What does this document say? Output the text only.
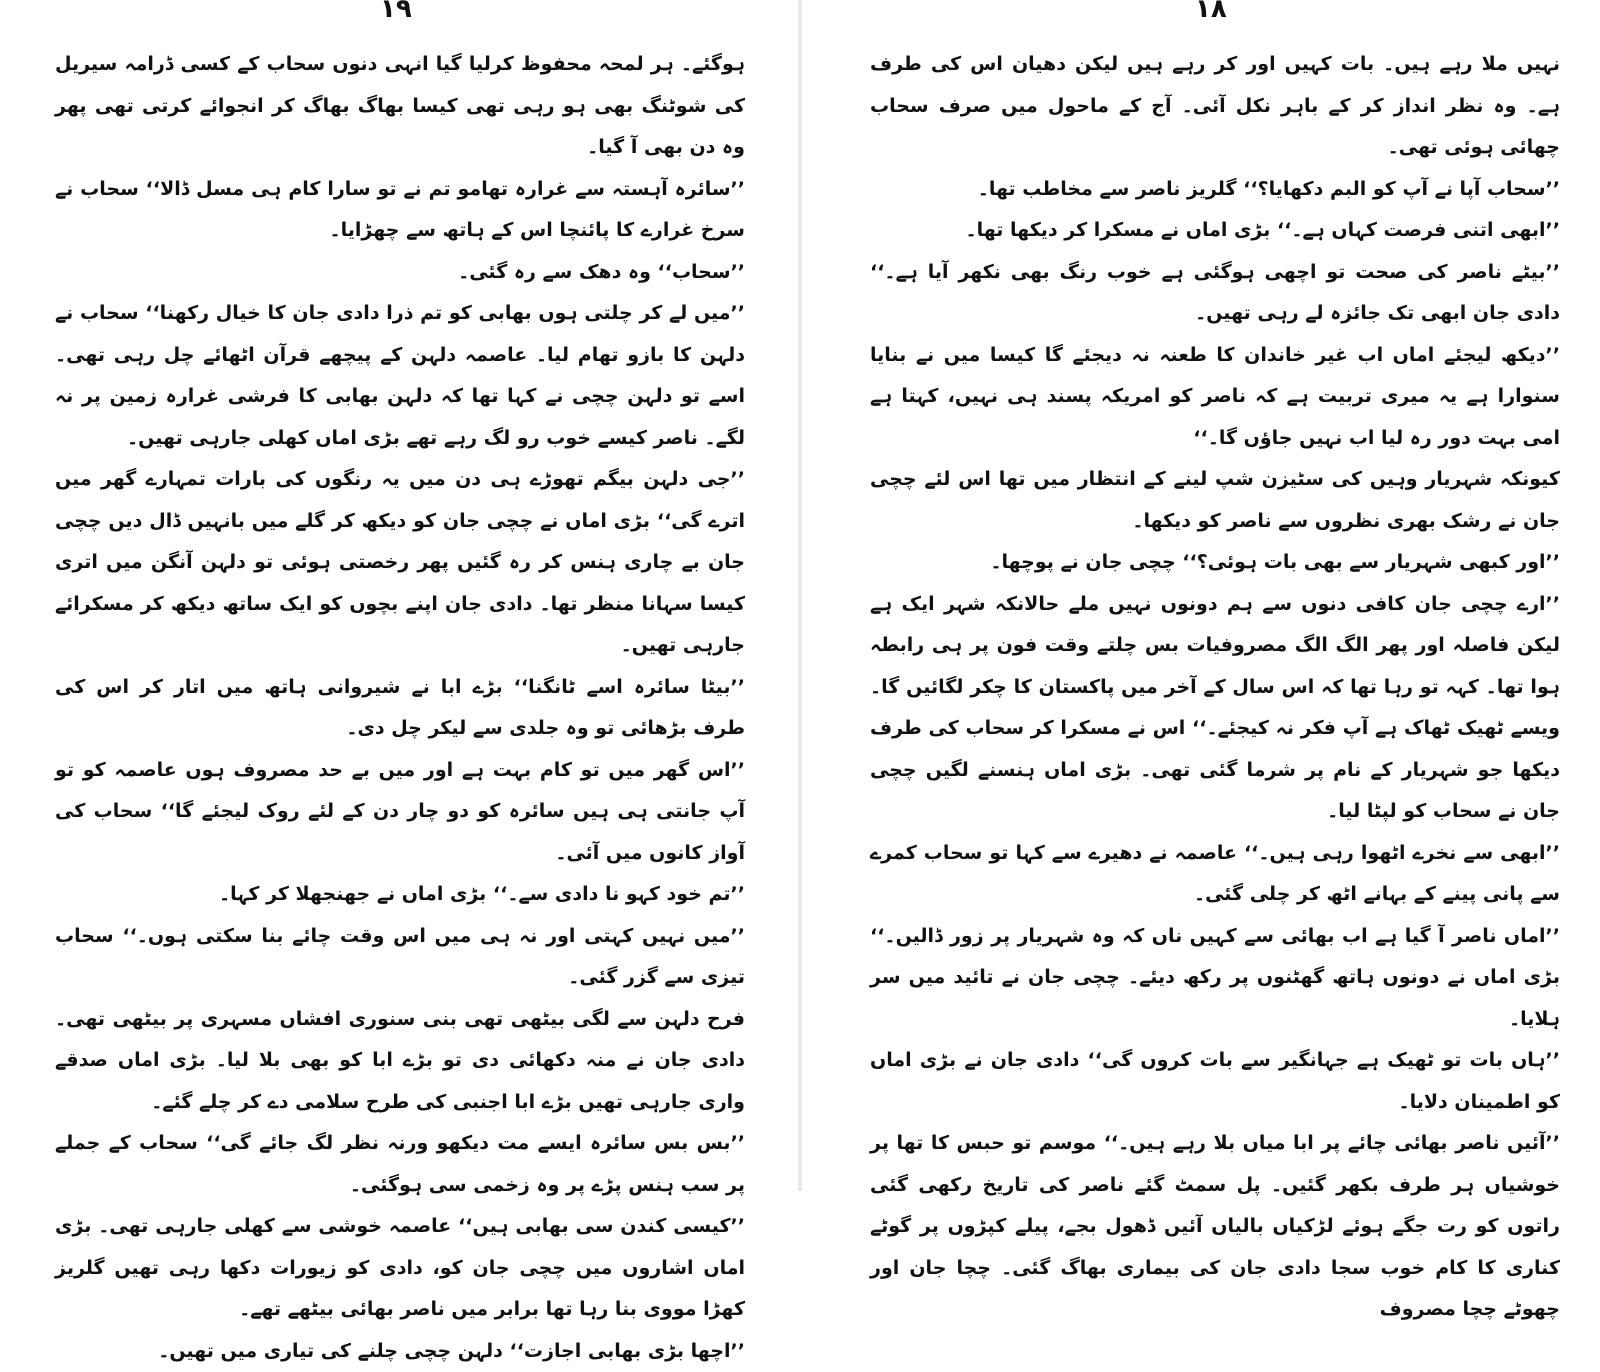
۱۹

ہوگئے۔ ہر لمحہ محفوظ کرلیا گیا انہی دنوں سحاب کے کسی ڈرامہ سیریل کی شوٹنگ بھی ہو رہی تھی کیسا بھاگ بھاگ کر انجوائے کرتی تھی پھر وہ دن بھی آ گیا۔

’’سائرہ آہستہ سے غرارہ تھامو تم نے تو سارا کام ہی مسل ڈالا‘‘ سحاب نے سرخ غرارے کا پائنچا اس کے ہاتھ سے چھڑایا۔

’’سحاب‘‘ وہ دھک سے رہ گئی۔

’’میں لے کر چلتی ہوں بھابی کو تم ذرا دادی جان کا خیال رکھنا‘‘ سحاب نے دلہن کا بازو تھام لیا۔ عاصمہ دلہن کے پیچھے قرآن اٹھائے چل رہی تھی۔ اسے تو دلہن چچی نے کہا تھا کہ دلہن بھابی کا فرشی غرارہ زمین پر نہ لگے۔ ناصر کیسے خوب رو لگ رہے تھے بڑی اماں کھلی جارہی تھیں۔

’’جی دلہن بیگم تھوڑے ہی دن میں یہ رنگوں کی بارات تمہارے گھر میں اترے گی‘‘ بڑی اماں نے چچی جان کو دیکھ کر گلے میں بانہیں ڈال دیں چچی جان بے چاری ہنس کر رہ گئیں پھر رخصتی ہوئی تو دلہن آنگن میں اتری کیسا سہانا منظر تھا۔ دادی جان اپنے بچوں کو ایک ساتھ دیکھ کر مسکرائے جارہی تھیں۔

’’بیٹا سائرہ اسے ٹانگنا‘‘ بڑے ابا نے شیروانی ہاتھ میں اتار کر اس کی طرف بڑھائی تو وہ جلدی سے لیکر چل دی۔

’’اس گھر میں تو کام بہت ہے اور میں بے حد مصروف ہوں عاصمہ کو تو آپ جانتی ہی ہیں سائرہ کو دو چار دن کے لئے روک لیجئے گا‘‘ سحاب کی آواز کانوں میں آئی۔

’’تم خود کہو نا دادی سے۔‘‘ بڑی اماں نے جھنجھلا کر کہا۔

’’میں نہیں کہتی اور نہ ہی میں اس وقت چائے بنا سکتی ہوں۔‘‘ سحاب تیزی سے گزر گئی۔

فرح دلہن سے لگی بیٹھی تھی بنی سنوری افشاں مسہری پر بیٹھی تھی۔ دادی جان نے منہ دکھائی دی تو بڑے ابا کو بھی بلا لیا۔ بڑی اماں صدقے واری جارہی تھیں بڑے ابا اجنبی کی طرح سلامی دے کر چلے گئے۔

’’بس بس سائرہ ایسے مت دیکھو ورنہ نظر لگ جائے گی‘‘ سحاب کے جملے پر سب ہنس پڑے پر وہ زخمی سی ہوگئی۔

’’کیسی کندن سی بھابی ہیں‘‘ عاصمہ خوشی سے کھلی جارہی تھی۔ بڑی اماں اشاروں میں چچی جان کو، دادی کو زیورات دکھا رہی تھیں گلریز کھڑا مووی بنا رہا تھا برابر میں ناصر بھائی بیٹھے تھے۔

’’اچھا بڑی بھابی اجازت‘‘ دلہن چچی چلنے کی تیاری میں تھیں۔

۱۸

نہیں ملا رہے ہیں۔ بات کہیں اور کر رہے ہیں لیکن دھیان اس کی طرف ہے۔ وہ نظر انداز کر کے باہر نکل آئی۔ آج کے ماحول میں صرف سحاب چھائی ہوئی تھی۔

’’سحاب آپا نے آپ کو البم دکھایا؟‘‘ گلریز ناصر سے مخاطب تھا۔

’’ابھی اتنی فرصت کہاں ہے۔‘‘ بڑی اماں نے مسکرا کر دیکھا تھا۔

’’بیٹے ناصر کی صحت تو اچھی ہوگئی ہے خوب رنگ بھی نکھر آیا ہے۔‘‘ دادی جان ابھی تک جائزہ لے رہی تھیں۔

’’دیکھ لیجئے اماں اب غیر خاندان کا طعنہ نہ دیجئے گا کیسا میں نے بنایا سنوارا ہے یہ میری تربیت ہے کہ ناصر کو امریکہ پسند ہی نہیں، کہتا ہے امی بہت دور رہ لیا اب نہیں جاؤں گا۔‘‘

کیونکہ شہریار وہیں کی سٹیزن شپ لینے کے انتظار میں تھا اس لئے چچی جان نے رشک بھری نظروں سے ناصر کو دیکھا۔

’’اور کبھی شہریار سے بھی بات ہوئی؟‘‘ چچی جان نے پوچھا۔

’’ارے چچی جان کافی دنوں سے ہم دونوں نہیں ملے حالانکہ شہر ایک ہے لیکن فاصلہ اور پھر الگ الگ مصروفیات بس چلتے وقت فون پر ہی رابطہ ہوا تھا۔ کہہ تو رہا تھا کہ اس سال کے آخر میں پاکستان کا چکر لگائیں گا۔ ویسے ٹھیک ٹھاک ہے آپ فکر نہ کیجئے۔‘‘ اس نے مسکرا کر سحاب کی طرف دیکھا جو شہریار کے نام پر شرما گئی تھی۔ بڑی اماں ہنسنے لگیں چچی جان نے سحاب کو لپٹا لیا۔

’’ابھی سے نخرے اٹھوا رہی ہیں۔‘‘ عاصمہ نے دھیرے سے کہا تو سحاب کمرے سے پانی پینے کے بہانے اٹھ کر چلی گئی۔

’’اماں ناصر آ گیا ہے اب بھائی سے کہیں ناں کہ وہ شہریار پر زور ڈالیں۔‘‘ بڑی اماں نے دونوں ہاتھ گھٹنوں پر رکھ دیئے۔ چچی جان نے تائید میں سر ہلایا۔

’’ہاں بات تو ٹھیک ہے جہانگیر سے بات کروں گی‘‘ دادی جان نے بڑی اماں کو اطمینان دلایا۔

’’آئیں ناصر بھائی چائے پر ابا میاں بلا رہے ہیں۔‘‘ موسم تو حبس کا تھا پر خوشیاں ہر طرف بکھر گئیں۔ پل سمٹ گئے ناصر کی تاریخ رکھی گئی راتوں کو رت جگے ہوئے لڑکیاں بالیاں آئیں ڈھول بجے، پیلے کپڑوں پر گوٹے کناری کا کام خوب سجا دادی جان کی بیماری بھاگ گئی۔ چچا جان اور چھوٹے چچا مصروف
